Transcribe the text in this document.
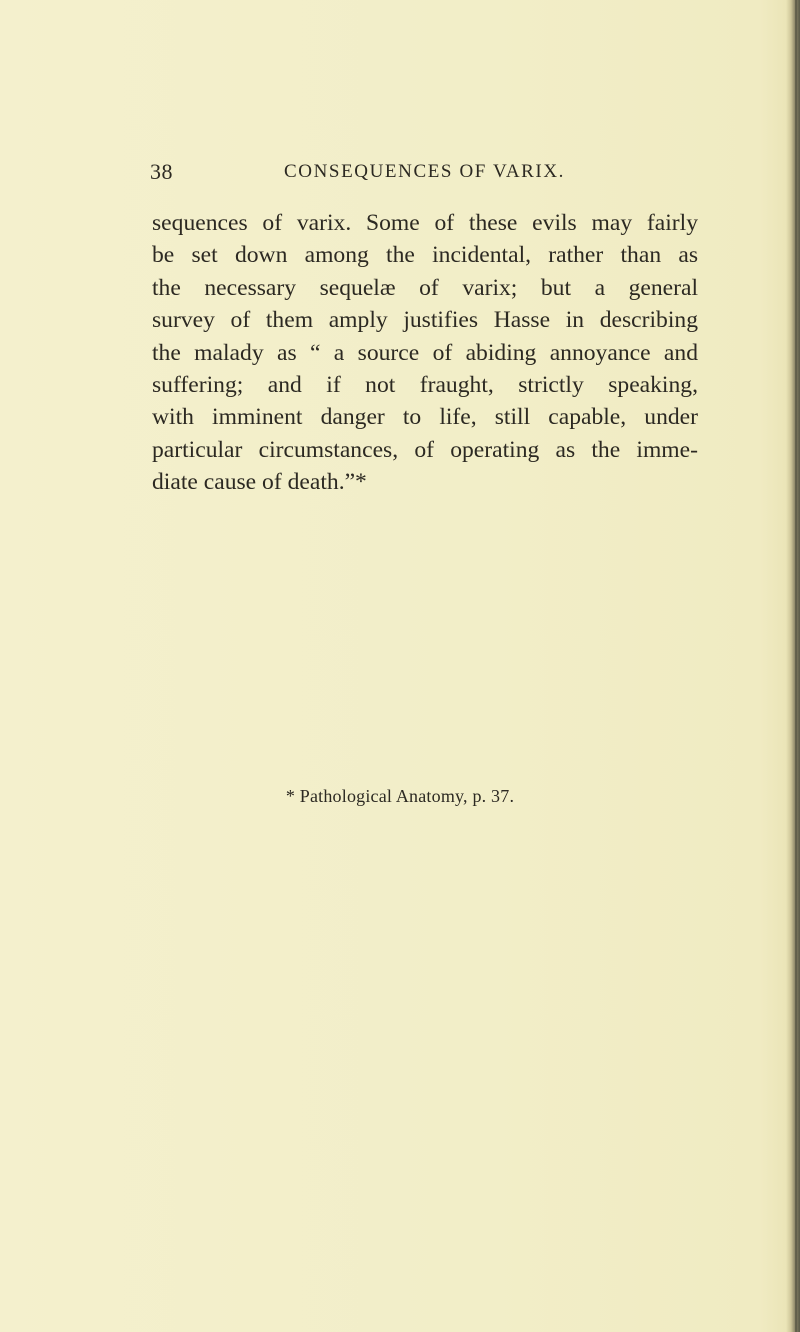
38	CONSEQUENCES OF VARIX.

sequences of varix. Some of these evils may fairly
be set down among the incidental, rather than as
the necessary sequelæ of varix; but a general
survey of them amply justifies Hasse in describing
the malady as “ a source of abiding annoyance and
suffering; and if not fraught, strictly speaking,
with imminent danger to life, still capable, under
particular circumstances, of operating as the imme-
diate cause of death.”*

* Pathological Anatomy, p. 37.
